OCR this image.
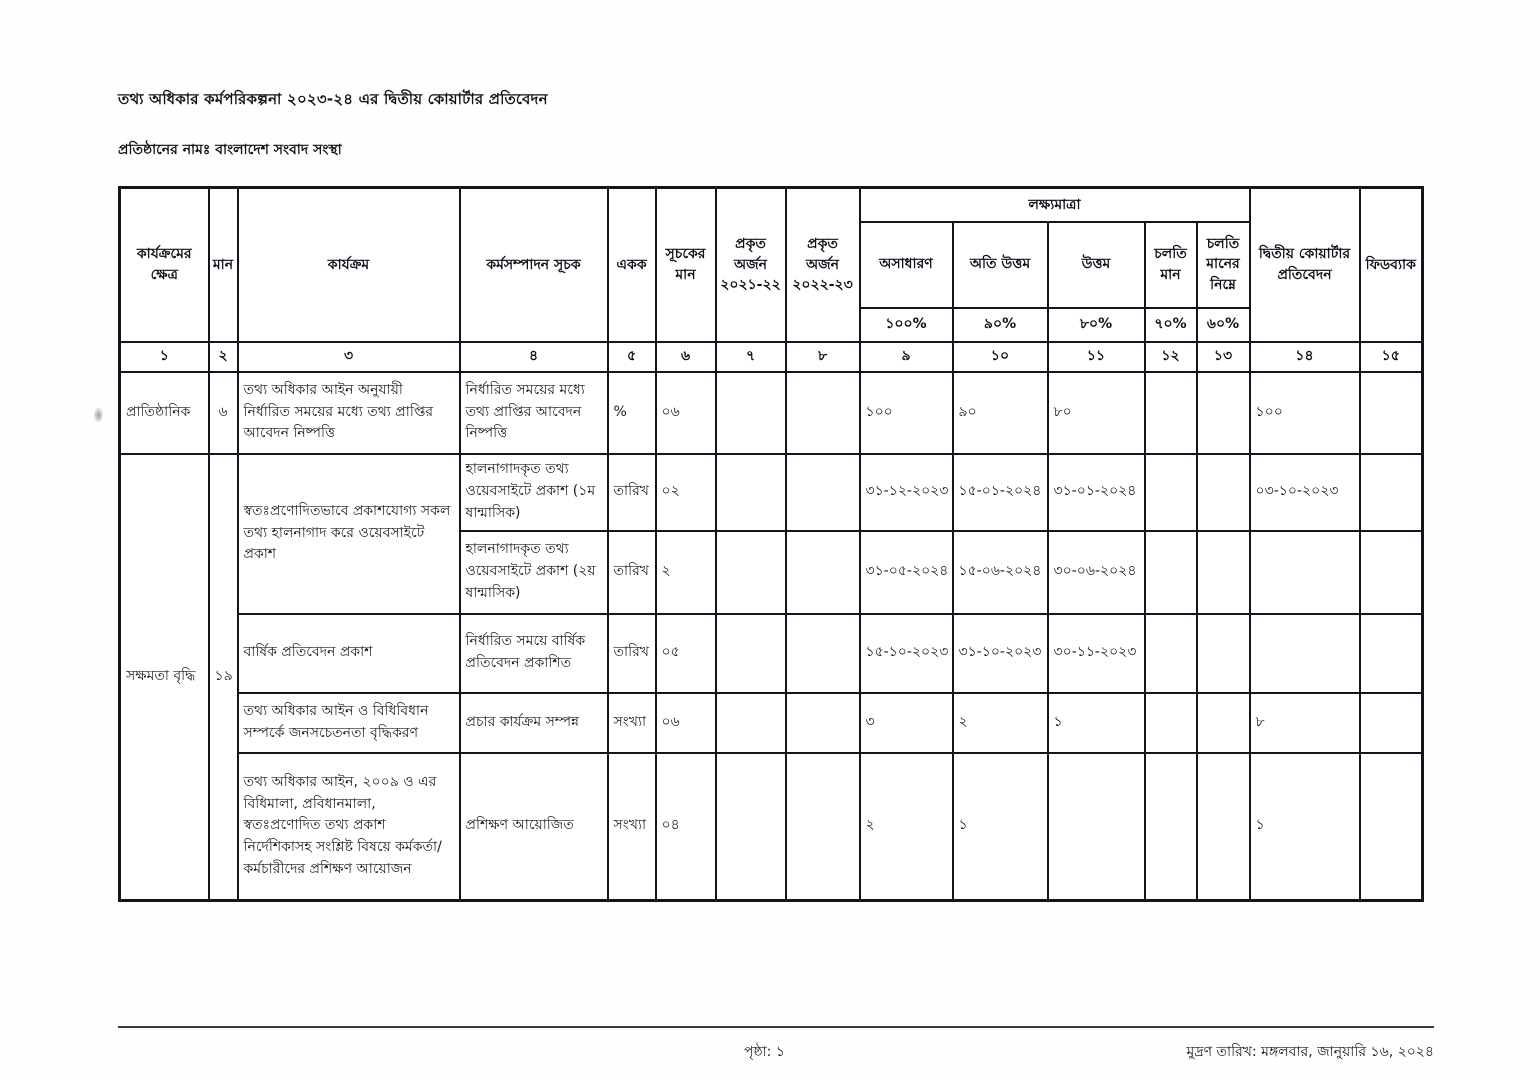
তথ্য অধিকার কর্মপরিকল্পনা ২০২৩-২৪ এর দ্বিতীয় কোয়ার্টার প্রতিবেদন
প্রতিষ্ঠানের নামঃ বাংলাদেশ সংবাদ সংস্থা
কার্যক্রমের ক্ষেত্র	মান	কার্যক্রম	কর্মসম্পাদন সূচক	একক	সূচকের মান	প্রকৃত অর্জন ২০২১-২২	প্রকৃত অর্জন ২০২২-২৩	লক্ষ্যমাত্রা					দ্বিতীয় কোয়ার্টার প্রতিবেদন	ফিডব্যাক
								অসাধারণ	অতি উত্তম	উত্তম	চলতি মান	চলতি মানের নিম্নে		
								১০০%	৯০%	৮০%	৭০%	৬০%		
১	২	৩	৪	৫	৬	৭	৮	৯	১০	১১	১২	১৩	১৪	১৫
প্রাতিষ্ঠানিক	৬	তথ্য অধিকার আইন অনুযায়ী নির্ধারিত সময়ের মধ্যে তথ্য প্রাপ্তির আবেদন নিষ্পত্তি	নির্ধারিত সময়ের মধ্যে তথ্য প্রাপ্তির আবেদন নিষ্পত্তি	%	০৬			১০০	৯০	৮০			১০০	
সক্ষমতা বৃদ্ধি	১৯	স্বতঃপ্রণোদিতভাবে প্রকাশযোগ্য সকল তথ্য হালনাগাদ করে ওয়েবসাইটে প্রকাশ	হালনাগাদকৃত তথ্য ওয়েবসাইটে প্রকাশ (১ম ষান্মাসিক)	তারিখ	০২			৩১-১২-২০২৩	১৫-০১-২০২৪	৩১-০১-২০২৪			০৩-১০-২০২৩	
			হালনাগাদকৃত তথ্য ওয়েবসাইটে প্রকাশ (২য় ষান্মাসিক)	তারিখ	২			৩১-০৫-২০২৪	১৫-০৬-২০২৪	৩০-০৬-২০২৪				
		বার্ষিক প্রতিবেদন প্রকাশ	নির্ধারিত সময়ে বার্ষিক প্রতিবেদন প্রকাশিত	তারিখ	০৫			১৫-১০-২০২৩	৩১-১০-২০২৩	৩০-১১-২০২৩				
		তথ্য অধিকার আইন ও বিধিবিধান সম্পর্কে জনসচেতনতা বৃদ্ধিকরণ	প্রচার কার্যক্রম সম্পন্ন	সংখ্যা	০৬			৩	২	১			৮	
		তথ্য অধিকার আইন, ২০০৯ ও এর বিধিমালা, প্রবিধানমালা, স্বতঃপ্রণোদিত তথ্য প্রকাশ নির্দেশিকাসহ সংশ্লিষ্ট বিষয়ে কর্মকর্তা/কর্মচারীদের প্রশিক্ষণ আয়োজন	প্রশিক্ষণ আয়োজিত	সংখ্যা	০৪			২	১				১	
পৃষ্ঠা: ১	মুদ্রণ তারিখ: মঙ্গলবার, জানুয়ারি ১৬, ২০২৪
